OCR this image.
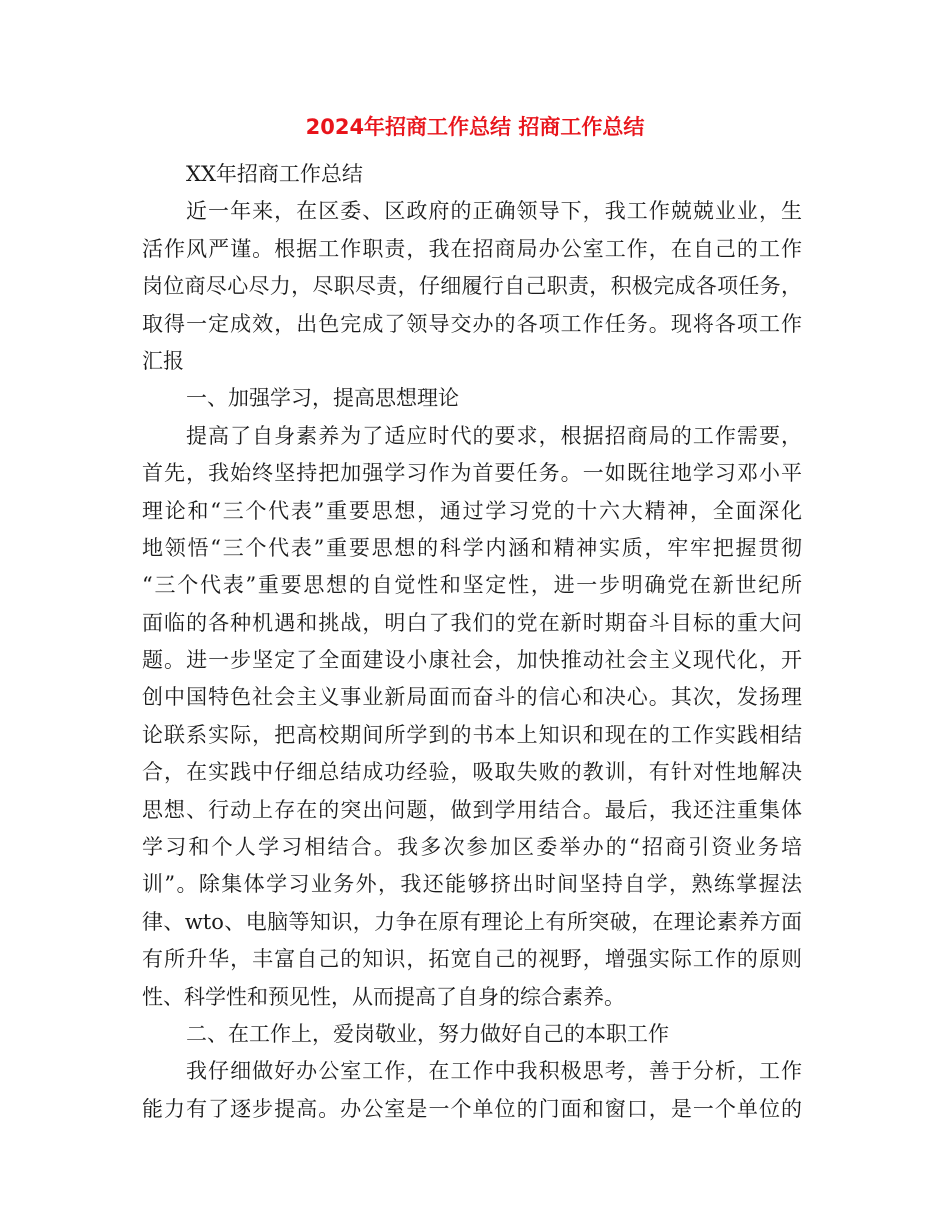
2024年招商工作总结 招商工作总结
XX年招商工作总结
近一年来，在区委、区政府的正确领导下，我工作兢兢业业，生
活作风严谨。根据工作职责，我在招商局办公室工作，在自己的工作
岗位商尽心尽力，尽职尽责，仔细履行自己职责，积极完成各项任务，
取得一定成效，出色完成了领导交办的各项工作任务。现将各项工作
汇报
一、加强学习，提高思想理论
提高了自身素养为了适应时代的要求，根据招商局的工作需要，
首先，我始终坚持把加强学习作为首要任务。一如既往地学习邓小平
理论和“三个代表”重要思想，通过学习党的十六大精神，全面深化
地领悟“三个代表”重要思想的科学内涵和精神实质，牢牢把握贯彻
“三个代表”重要思想的自觉性和坚定性，进一步明确党在新世纪所
面临的各种机遇和挑战，明白了我们的党在新时期奋斗目标的重大问
题。进一步坚定了全面建设小康社会，加快推动社会主义现代化，开
创中国特色社会主义事业新局面而奋斗的信心和决心。其次，发扬理
论联系实际，把高校期间所学到的书本上知识和现在的工作实践相结
合，在实践中仔细总结成功经验，吸取失败的教训，有针对性地解决
思想、行动上存在的突出问题，做到学用结合。最后，我还注重集体
学习和个人学习相结合。我多次参加区委举办的“招商引资业务培
训”。除集体学习业务外，我还能够挤出时间坚持自学，熟练掌握法
律、wto、电脑等知识，力争在原有理论上有所突破，在理论素养方面
有所升华，丰富自己的知识，拓宽自己的视野，增强实际工作的原则
性、科学性和预见性，从而提高了自身的综合素养。
二、在工作上，爱岗敬业，努力做好自己的本职工作
我仔细做好办公室工作，在工作中我积极思考，善于分析，工作
能力有了逐步提高。办公室是一个单位的门面和窗口，是一个单位的
